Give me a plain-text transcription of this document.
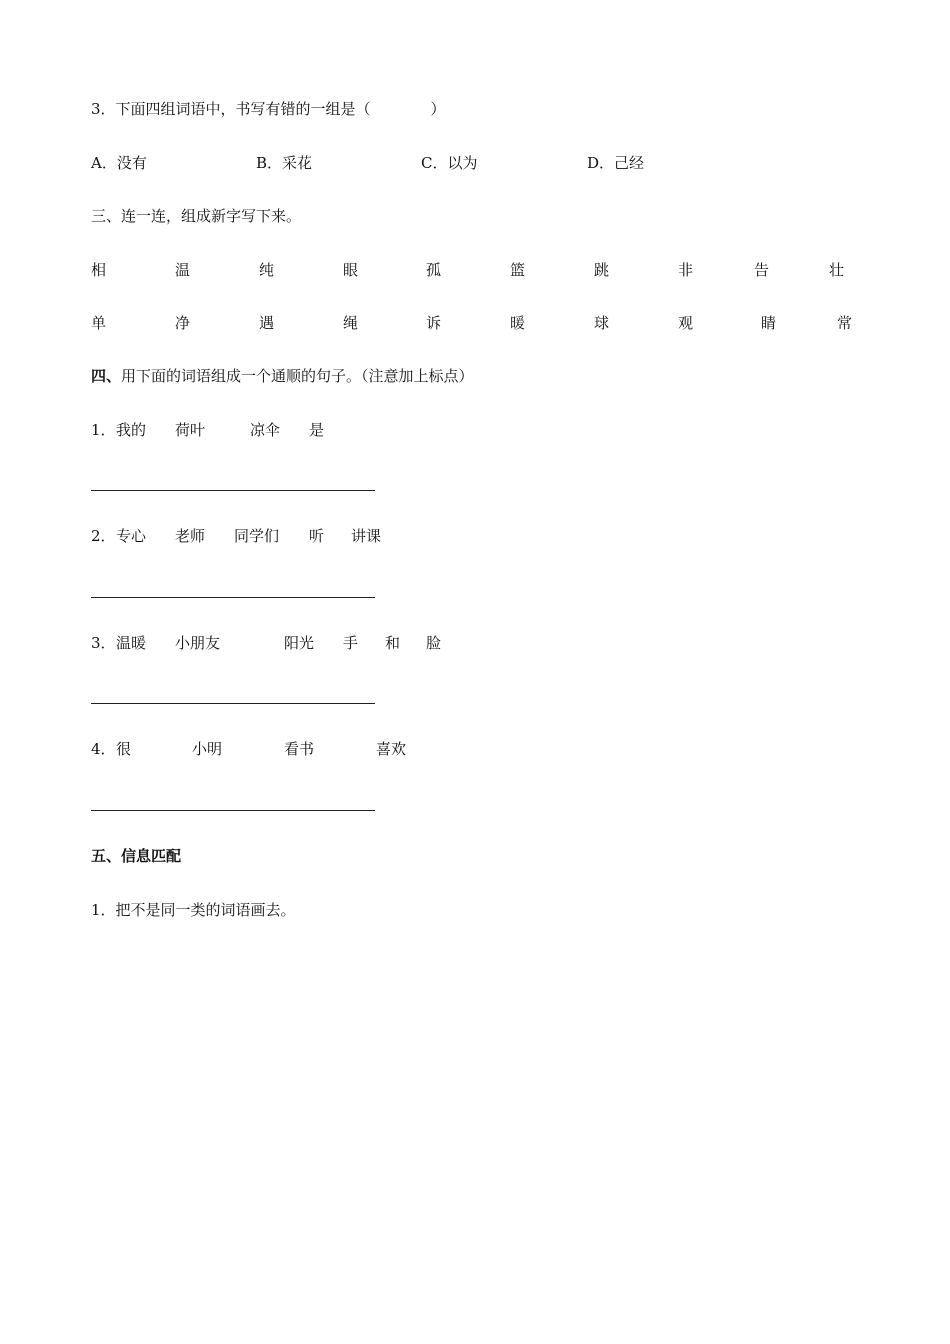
3．下面四组词语中，书写有错的一组是（　　　　）
A．没有	B．采花	C．以为	D．己经
三、连一连，组成新字写下来。
相	温	纯	眼	孤	篮	跳	非	告	壮
单	净	遇	绳	诉	暖	球	观	睛	常
四、用下面的词语组成一个通顺的句子。（注意加上标点）
1． 我的 荷叶	凉伞 是
2． 专心 老师 同学们 听 讲课
3． 温暖 小朋友	阳光 手 和 脸
4． 很	小明	看书	喜欢
五、信息匹配
1．把不是同一类的词语画去。
